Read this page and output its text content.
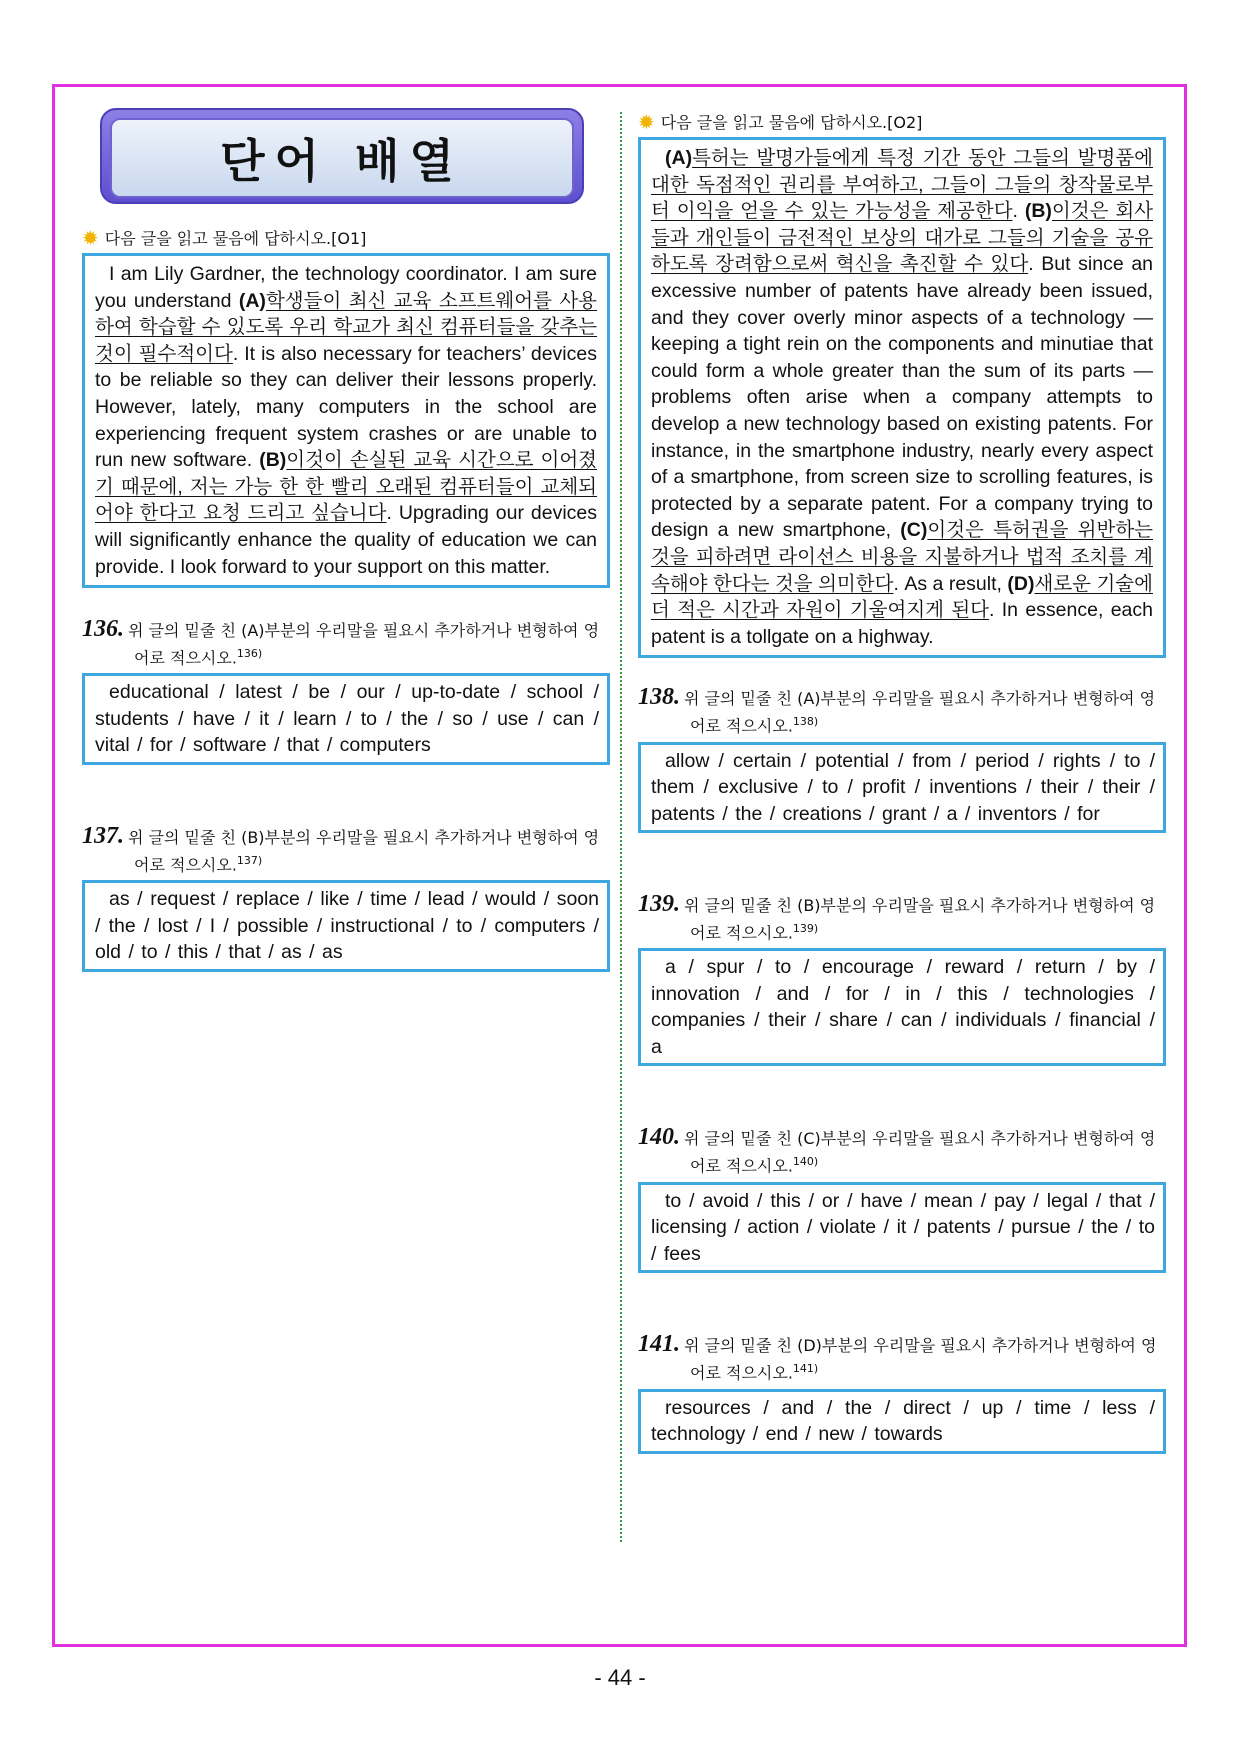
단어 배열

✹ 다음 글을 읽고 물음에 답하시오.[O1]

I am Lily Gardner, the technology coordinator. I am sure you understand (A)학생들이 최신 교육 소프트웨어를 사용하여 학습할 수 있도록 우리 학교가 최신 컴퓨터들을 갖추는 것이 필수적이다. It is also necessary for teachers’ devices to be reliable so they can deliver their lessons properly. However, lately, many computers in the school are experiencing frequent system crashes or are unable to run new software. (B)이것이 손실된 교육 시간으로 이어졌기 때문에, 저는 가능 한 한 빨리 오래된 컴퓨터들이 교체되어야 한다고 요청 드리고 싶습니다. Upgrading our devices will significantly enhance the quality of education we can provide. I look forward to your support on this matter.

136. 위 글의 밑줄 친 (A)부분의 우리말을 필요시 추가하거나 변형하여 영어로 적으시오.$^{136)}$

educational / latest / be / our / up-to-date / school / students / have / it / learn / to / the / so / use / can / vital / for / software / that / computers

137. 위 글의 밑줄 친 (B)부분의 우리말을 필요시 추가하거나 변형하여 영어로 적으시오.$^{137)}$

as / request / replace / like / time / lead / would / soon / the / lost / I / possible / instructional / to / computers / old / to / this / that / as / as

✹ 다음 글을 읽고 물음에 답하시오.[O2]

(A)특허는 발명가들에게 특정 기간 동안 그들의 발명품에 대한 독점적인 권리를 부여하고, 그들이 그들의 창작물로부터 이익을 얻을 수 있는 가능성을 제공한다. (B)이것은 회사들과 개인들이 금전적인 보상의 대가로 그들의 기술을 공유하도록 장려함으로써 혁신을 촉진할 수 있다. But since an excessive number of patents have already been issued, and they cover overly minor aspects of a technology — keeping a tight rein on the components and minutiae that could form a whole greater than the sum of its parts — problems often arise when a company attempts to develop a new technology based on existing patents. For instance, in the smartphone industry, nearly every aspect of a smartphone, from screen size to scrolling features, is protected by a separate patent. For a company trying to design a new smartphone, (C)이것은 특허권을 위반하는 것을 피하려면 라이선스 비용을 지불하거나 법적 조치를 계속해야 한다는 것을 의미한다. As a result, (D)새로운 기술에 더 적은 시간과 자원이 기울여지게 된다. In essence, each patent is a tollgate on a highway.

138. 위 글의 밑줄 친 (A)부분의 우리말을 필요시 추가하거나 변형하여 영어로 적으시오.$^{138)}$

allow / certain / potential / from / period / rights / to / them / exclusive / to / profit / inventions / their / their / patents / the / creations / grant / a / inventors / for

139. 위 글의 밑줄 친 (B)부분의 우리말을 필요시 추가하거나 변형하여 영어로 적으시오.$^{139)}$

a / spur / to / encourage / reward / return / by / innovation / and / for / in / this / technologies / companies / their / share / can / individuals / financial / a

140. 위 글의 밑줄 친 (C)부분의 우리말을 필요시 추가하거나 변형하여 영어로 적으시오.$^{140)}$

to / avoid / this / or / have / mean / pay / legal / that / licensing / action / violate / it / patents / pursue / the / to / fees

141. 위 글의 밑줄 친 (D)부분의 우리말을 필요시 추가하거나 변형하여 영어로 적으시오.$^{141)}$

resources / and / the / direct / up / time / less / technology / end / new / towards
- 44 -
